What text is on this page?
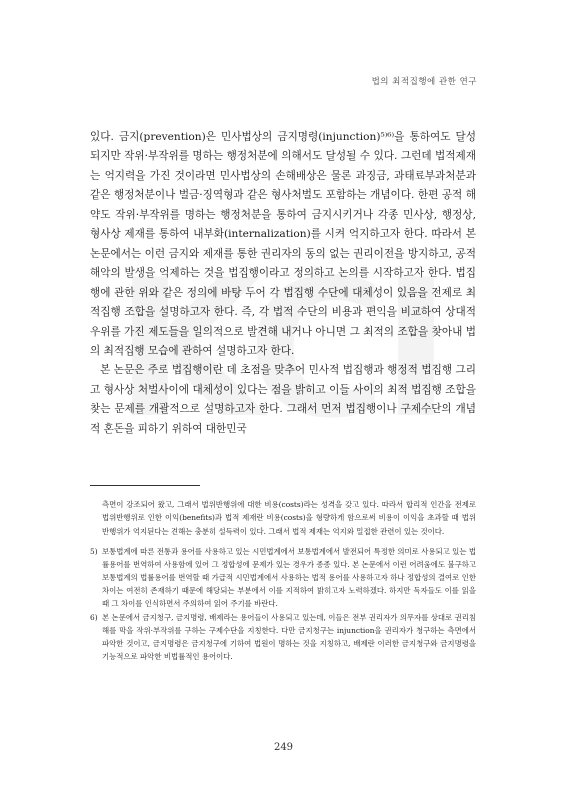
법의 최적집행에 관한 연구

있다. 금지(prevention)은 민사법상의 금지명령(injunction)⁵⁾⁶⁾을 통하여도 달성되지만 작위·부작위를 명하는 행정처분에 의해서도 달성될 수 있다. 그런데 법적제재는 억지력을 가진 것이라면 민사법상의 손해배상은 물론 과징금, 과태료부과처분과 같은 행정처분이나 벌금·징역형과 같은 형사처벌도 포함하는 개념이다. 한편 공적 해약도 작위·부작위를 명하는 행정처분을 통하여 금지시키거나 각종 민사상, 행정상, 형사상 제재를 통하여 내부화(internalization)를 시켜 억지하고자 한다. 따라서 본 논문에서는 이런 금지와 제재를 통한 권리자의 동의 없는 권리이전을 방지하고, 공적 해악의 발생을 억제하는 것을 법집행이라고 정의하고 논의를 시작하고자 한다. 법집행에 관한 위와 같은 정의에 바탕 두어 각 법집행 수단에 대체성이 있음을 전제로 최적집행 조합을 설명하고자 한다. 즉, 각 법적 수단의 비용과 편익을 비교하여 상대적 우위를 가진 제도들을 일의적으로 발견해 내거나 아니면 그 최적의 조합을 찾아내 법의 최적집행 모습에 관하여 설명하고자 한다.

본 논문은 주로 법집행이란 데 초점을 맞추어 민사적 법집행과 행정적 법집행 그리고 형사상 처벌사이에 대체성이 있다는 점을 밝히고 이들 사이의 최적 법집행 조합을 찾는 문제를 개괄적으로 설명하고자 한다. 그래서 먼저 법집행이나 구제수단의 개념적 혼돈을 피하기 위하여 대한민국

측면이 강조되어 왔고, 그래서 법위반행위에 대한 비용(costs)라는 성격을 갖고 있다. 따라서 합리적 인간을 전제로 법위반행위로 인한 이익(benefits)과 법적 제재란 비용(costs)을 형량하게 함으로써 비용이 이익을 초과할 때 법위반행위가 억지된다는 견해는 충분히 설득력이 있다. 그래서 법적 제재는 억지와 밀접한 관련이 있는 것이다.

5) 보통법계에 따른 전통과 용어를 사용하고 있는 시민법계에서 보통법계에서 발전되어 특정한 의미로 사용되고 있는 법률용어를 번역하여 사용함에 있어 그 정합성에 문제가 있는 경우가 종종 있다. 본 논문에서 이런 어려움에도 불구하고 보통법계의 법률용어를 번역할 때 가급적 시민법계에서 사용하는 법적 용어를 사용하고자 하나 정합성의 결여로 인한 차이는 여전히 존재하기 때문에 해당되는 부분에서 이를 지적하여 밝히고자 노력하겠다. 하지만 독자들도 이를 읽을 때 그 차이를 인식하면서 주의하여 읽어 주기를 바란다.
6) 본 논문에서 금지청구, 금지명령, 배제라는 용어들이 사용되고 있는데, 이들은 전부 권리자가 의무자를 상대로 권리침해를 막을 작위·부작위를 구하는 구제수단을 지칭한다. 다만 금지청구는 injunction을 권리자가 청구하는 측면에서 파악한 것이고, 금지명령은 금지청구에 기하여 법원이 명하는 것을 지칭하고, 배제란 이러한 금지청구와 금지명령을 기능적으로 파악한 비법률적인 용어이다.
249
